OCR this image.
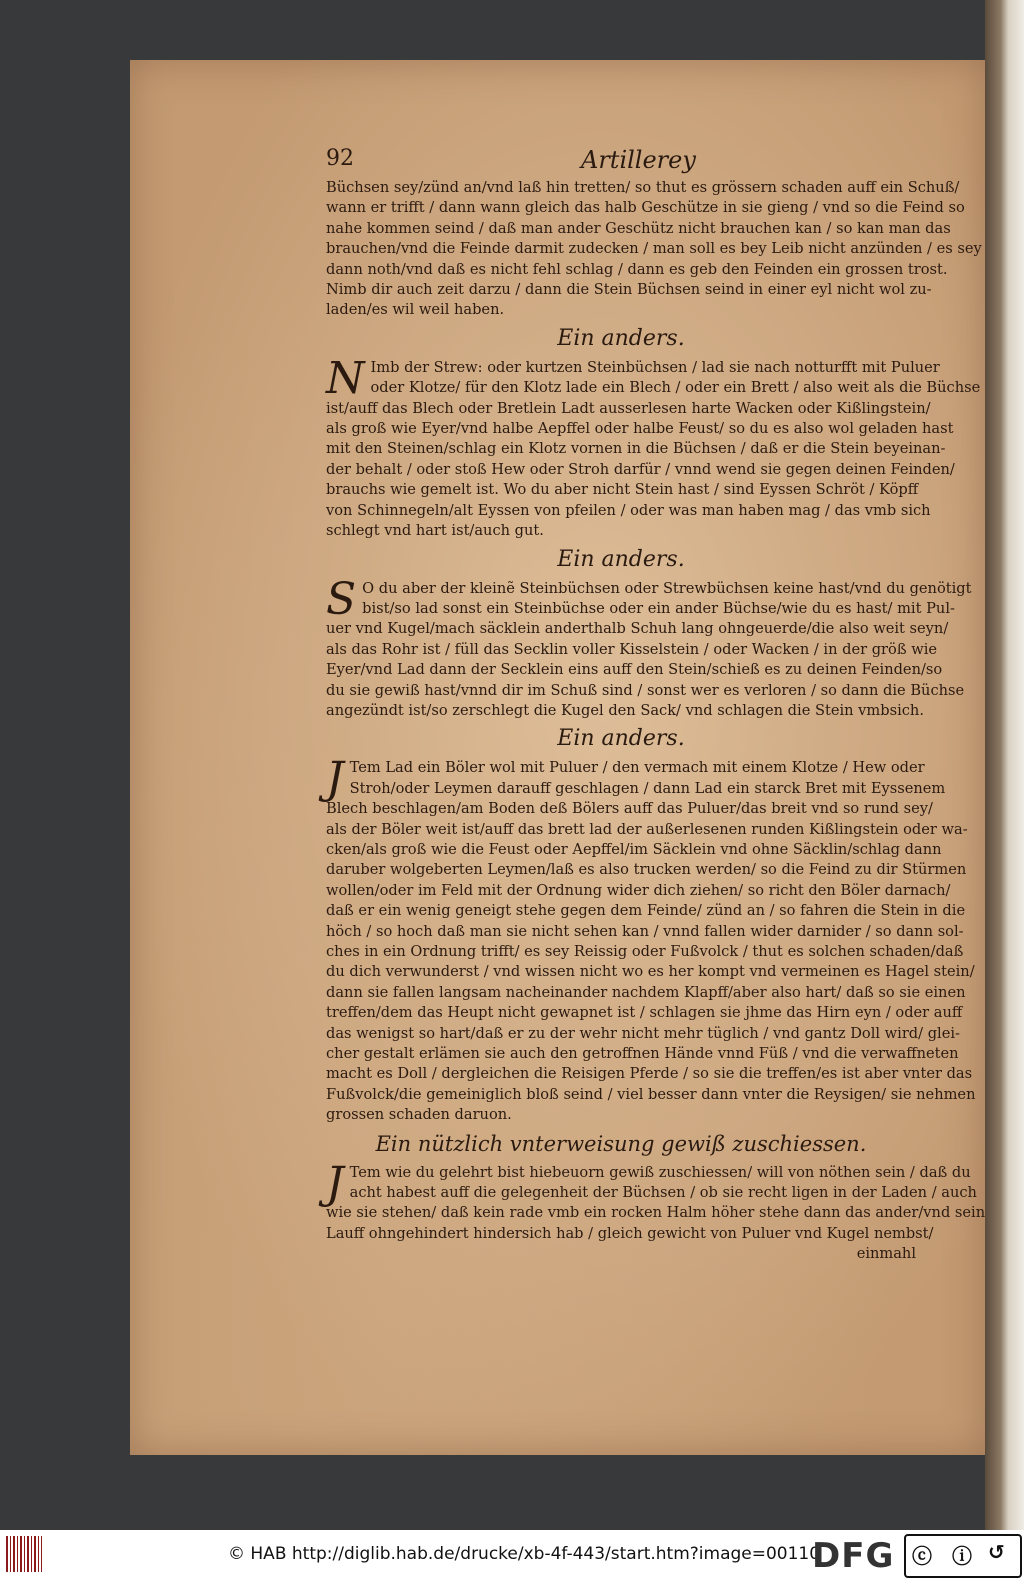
92	Artillerey
Büchsen sey/zünd an/vnd laß hin tretten/ so thut es grössern schaden auff ein Schuß/
wann er trifft / dann wann gleich das halb Geschütze in sie gieng / vnd so die Feind so
nahe kommen seind / daß man ander Geschütz nicht brauchen kan / so kan man das
brauchen/vnd die Feinde darmit zudecken / man soll es bey Leib nicht anzünden / es sey
dann noth/vnd daß es nicht fehl schlag / dann es geb den Feinden ein grossen trost.
Nimb dir auch zeit darzu / dann die Stein Büchsen seind in einer eyl nicht wol zu-
laden/es wil weil haben.
Ein anders.
N Imb der Strew: oder kurtzen Steinbüchsen / lad sie nach notturfft mit Puluer
oder Klotze/ für den Klotz lade ein Blech / oder ein Brett / also weit als die Büchse
ist/auff das Blech oder Bretlein Ladt ausserlesen harte Wacken oder Kißlingstein/
als groß wie Eyer/vnd halbe Aepffel oder halbe Feust/ so du es also wol geladen hast
mit den Steinen/schlag ein Klotz vornen in die Büchsen / daß er die Stein beyeinan-
der behalt / oder stoß Hew oder Stroh darfür / vnnd wend sie gegen deinen Feinden/
brauchs wie gemelt ist. Wo du aber nicht Stein hast / sind Eyssen Schröt / Köpff
von Schinnegeln/alt Eyssen von pfeilen / oder was man haben mag / das vmb sich
schlegt vnd hart ist/auch gut.
Ein anders.
S O du aber der kleinẽ Steinbüchsen oder Strewbüchsen keine hast/vnd du genötigt
bist/so lad sonst ein Steinbüchse oder ein ander Büchse/wie du es hast/ mit Pul-
uer vnd Kugel/mach säcklein anderthalb Schuh lang ohngeuerde/die also weit seyn/
als das Rohr ist / füll das Secklin voller Kisselstein / oder Wacken / in der größ wie
Eyer/vnd Lad dann der Secklein eins auff den Stein/schieß es zu deinen Feinden/so
du sie gewiß hast/vnnd dir im Schuß sind / sonst wer es verloren / so dann die Büchse
angezündt ist/so zerschlegt die Kugel den Sack/ vnd schlagen die Stein vmbsich.
Ein anders.
J Tem Lad ein Böler wol mit Puluer / den vermach mit einem Klotze / Hew oder
Stroh/oder Leymen darauff geschlagen / dann Lad ein starck Bret mit Eyssenem
Blech beschlagen/am Boden deß Bölers auff das Puluer/das breit vnd so rund sey/
als der Böler weit ist/auff das brett lad der außerlesenen runden Kißlingstein oder wa-
cken/als groß wie die Feust oder Aepffel/im Säcklein vnd ohne Säcklin/schlag dann
daruber wolgeberten Leymen/laß es also trucken werden/ so die Feind zu dir Stürmen
wollen/oder im Feld mit der Ordnung wider dich ziehen/ so richt den Böler darnach/
daß er ein wenig geneigt stehe gegen dem Feinde/ zünd an / so fahren die Stein in die
höch / so hoch daß man sie nicht sehen kan / vnnd fallen wider darnider / so dann sol-
ches in ein Ordnung trifft/ es sey Reissig oder Fußvolck / thut es solchen schaden/daß
du dich verwunderst / vnd wissen nicht wo es her kompt vnd vermeinen es Hagel stein/
dann sie fallen langsam nacheinander nachdem Klapff/aber also hart/ daß so sie einen
treffen/dem das Heupt nicht gewapnet ist / schlagen sie jhme das Hirn eyn / oder auff
das wenigst so hart/daß er zu der wehr nicht mehr tüglich / vnd gantz Doll wird/ glei-
cher gestalt erlämen sie auch den getroffnen Hände vnnd Füß / vnd die verwaffneten
macht es Doll / dergleichen die Reisigen Pferde / so sie die treffen/es ist aber vnter das
Fußvolck/die gemeiniglich bloß seind / viel besser dann vnter die Reysigen/ sie nehmen
grossen schaden daruon.
Ein nützlich vnterweisung gewiß zuschiessen.
J Tem wie du gelehrt bist hiebeuorn gewiß zuschiessen/ will von nöthen sein / daß du
acht habest auff die gelegenheit der Büchsen / ob sie recht ligen in der Laden / auch
wie sie stehen/ daß kein rade vmb ein rocken Halm höher stehe dann das ander/vnd sein
Lauff ohngehindert hindersich hab / gleich gewicht von Puluer vnd Kugel nembst/
einmahl
© HAB http://diglib.hab.de/drucke/xb-4f-443/start.htm?image=00110
DFG ⓒ ⓘ ↺
